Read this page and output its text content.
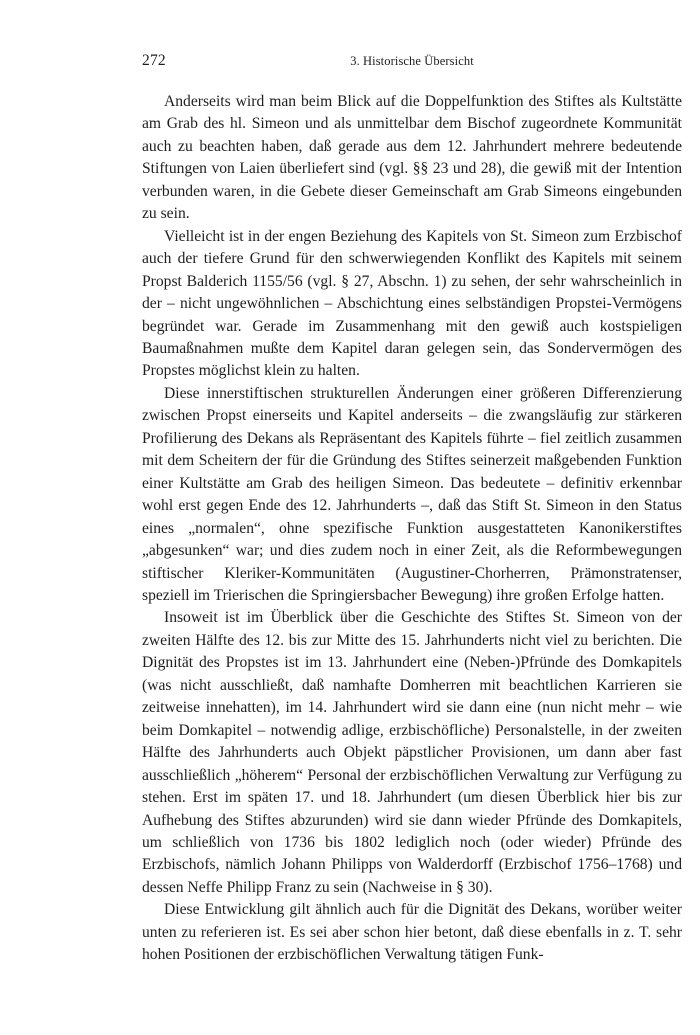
272	3. Historische Übersicht

Anderseits wird man beim Blick auf die Doppelfunktion des Stiftes als Kultstätte am Grab des hl. Simeon und als unmittelbar dem Bischof zugeordnete Kommunität auch zu beachten haben, daß gerade aus dem 12. Jahrhundert mehrere bedeutende Stiftungen von Laien überliefert sind (vgl. §§ 23 und 28), die gewiß mit der Intention verbunden waren, in die Gebete dieser Gemeinschaft am Grab Simeons eingebunden zu sein.

Vielleicht ist in der engen Beziehung des Kapitels von St. Simeon zum Erzbischof auch der tiefere Grund für den schwerwiegenden Konflikt des Kapitels mit seinem Propst Balderich 1155/56 (vgl. § 27, Abschn. 1) zu sehen, der sehr wahrscheinlich in der – nicht ungewöhnlichen – Abschichtung eines selbständigen Propstei-Vermögens begründet war. Gerade im Zusammenhang mit den gewiß auch kostspieligen Baumaßnahmen mußte dem Kapitel daran gelegen sein, das Sondervermögen des Propstes möglichst klein zu halten.

Diese innerstiftischen strukturellen Änderungen einer größeren Differenzierung zwischen Propst einerseits und Kapitel anderseits – die zwangsläufig zur stärkeren Profilierung des Dekans als Repräsentant des Kapitels führte – fiel zeitlich zusammen mit dem Scheitern der für die Gründung des Stiftes seinerzeit maßgebenden Funktion einer Kultstätte am Grab des heiligen Simeon. Das bedeutete – definitiv erkennbar wohl erst gegen Ende des 12. Jahrhunderts –, daß das Stift St. Simeon in den Status eines „normalen“, ohne spezifische Funktion ausgestatteten Kanonikerstiftes „abgesunken“ war; und dies zudem noch in einer Zeit, als die Reformbewegungen stiftischer Kleriker-Kommunitäten (Augustiner-Chorherren, Prämonstratenser, speziell im Trierischen die Springiersbacher Bewegung) ihre großen Erfolge hatten.

Insoweit ist im Überblick über die Geschichte des Stiftes St. Simeon von der zweiten Hälfte des 12. bis zur Mitte des 15. Jahrhunderts nicht viel zu berichten. Die Dignität des Propstes ist im 13. Jahrhundert eine (Neben-)Pfründe des Domkapitels (was nicht ausschließt, daß namhafte Domherren mit beachtlichen Karrieren sie zeitweise innehatten), im 14. Jahrhundert wird sie dann eine (nun nicht mehr – wie beim Domkapitel – notwendig adlige, erzbischöfliche) Personalstelle, in der zweiten Hälfte des Jahrhunderts auch Objekt päpstlicher Provisionen, um dann aber fast ausschließlich „höherem“ Personal der erzbischöflichen Verwaltung zur Verfügung zu stehen. Erst im späten 17. und 18. Jahrhundert (um diesen Überblick hier bis zur Aufhebung des Stiftes abzurunden) wird sie dann wieder Pfründe des Domkapitels, um schließlich von 1736 bis 1802 lediglich noch (oder wieder) Pfründe des Erzbischofs, nämlich Johann Philipps von Walderdorff (Erzbischof 1756–1768) und dessen Neffe Philipp Franz zu sein (Nachweise in § 30).

Diese Entwicklung gilt ähnlich auch für die Dignität des Dekans, worüber weiter unten zu referieren ist. Es sei aber schon hier betont, daß diese ebenfalls in z. T. sehr hohen Positionen der erzbischöflichen Verwaltung tätigen Funk-
